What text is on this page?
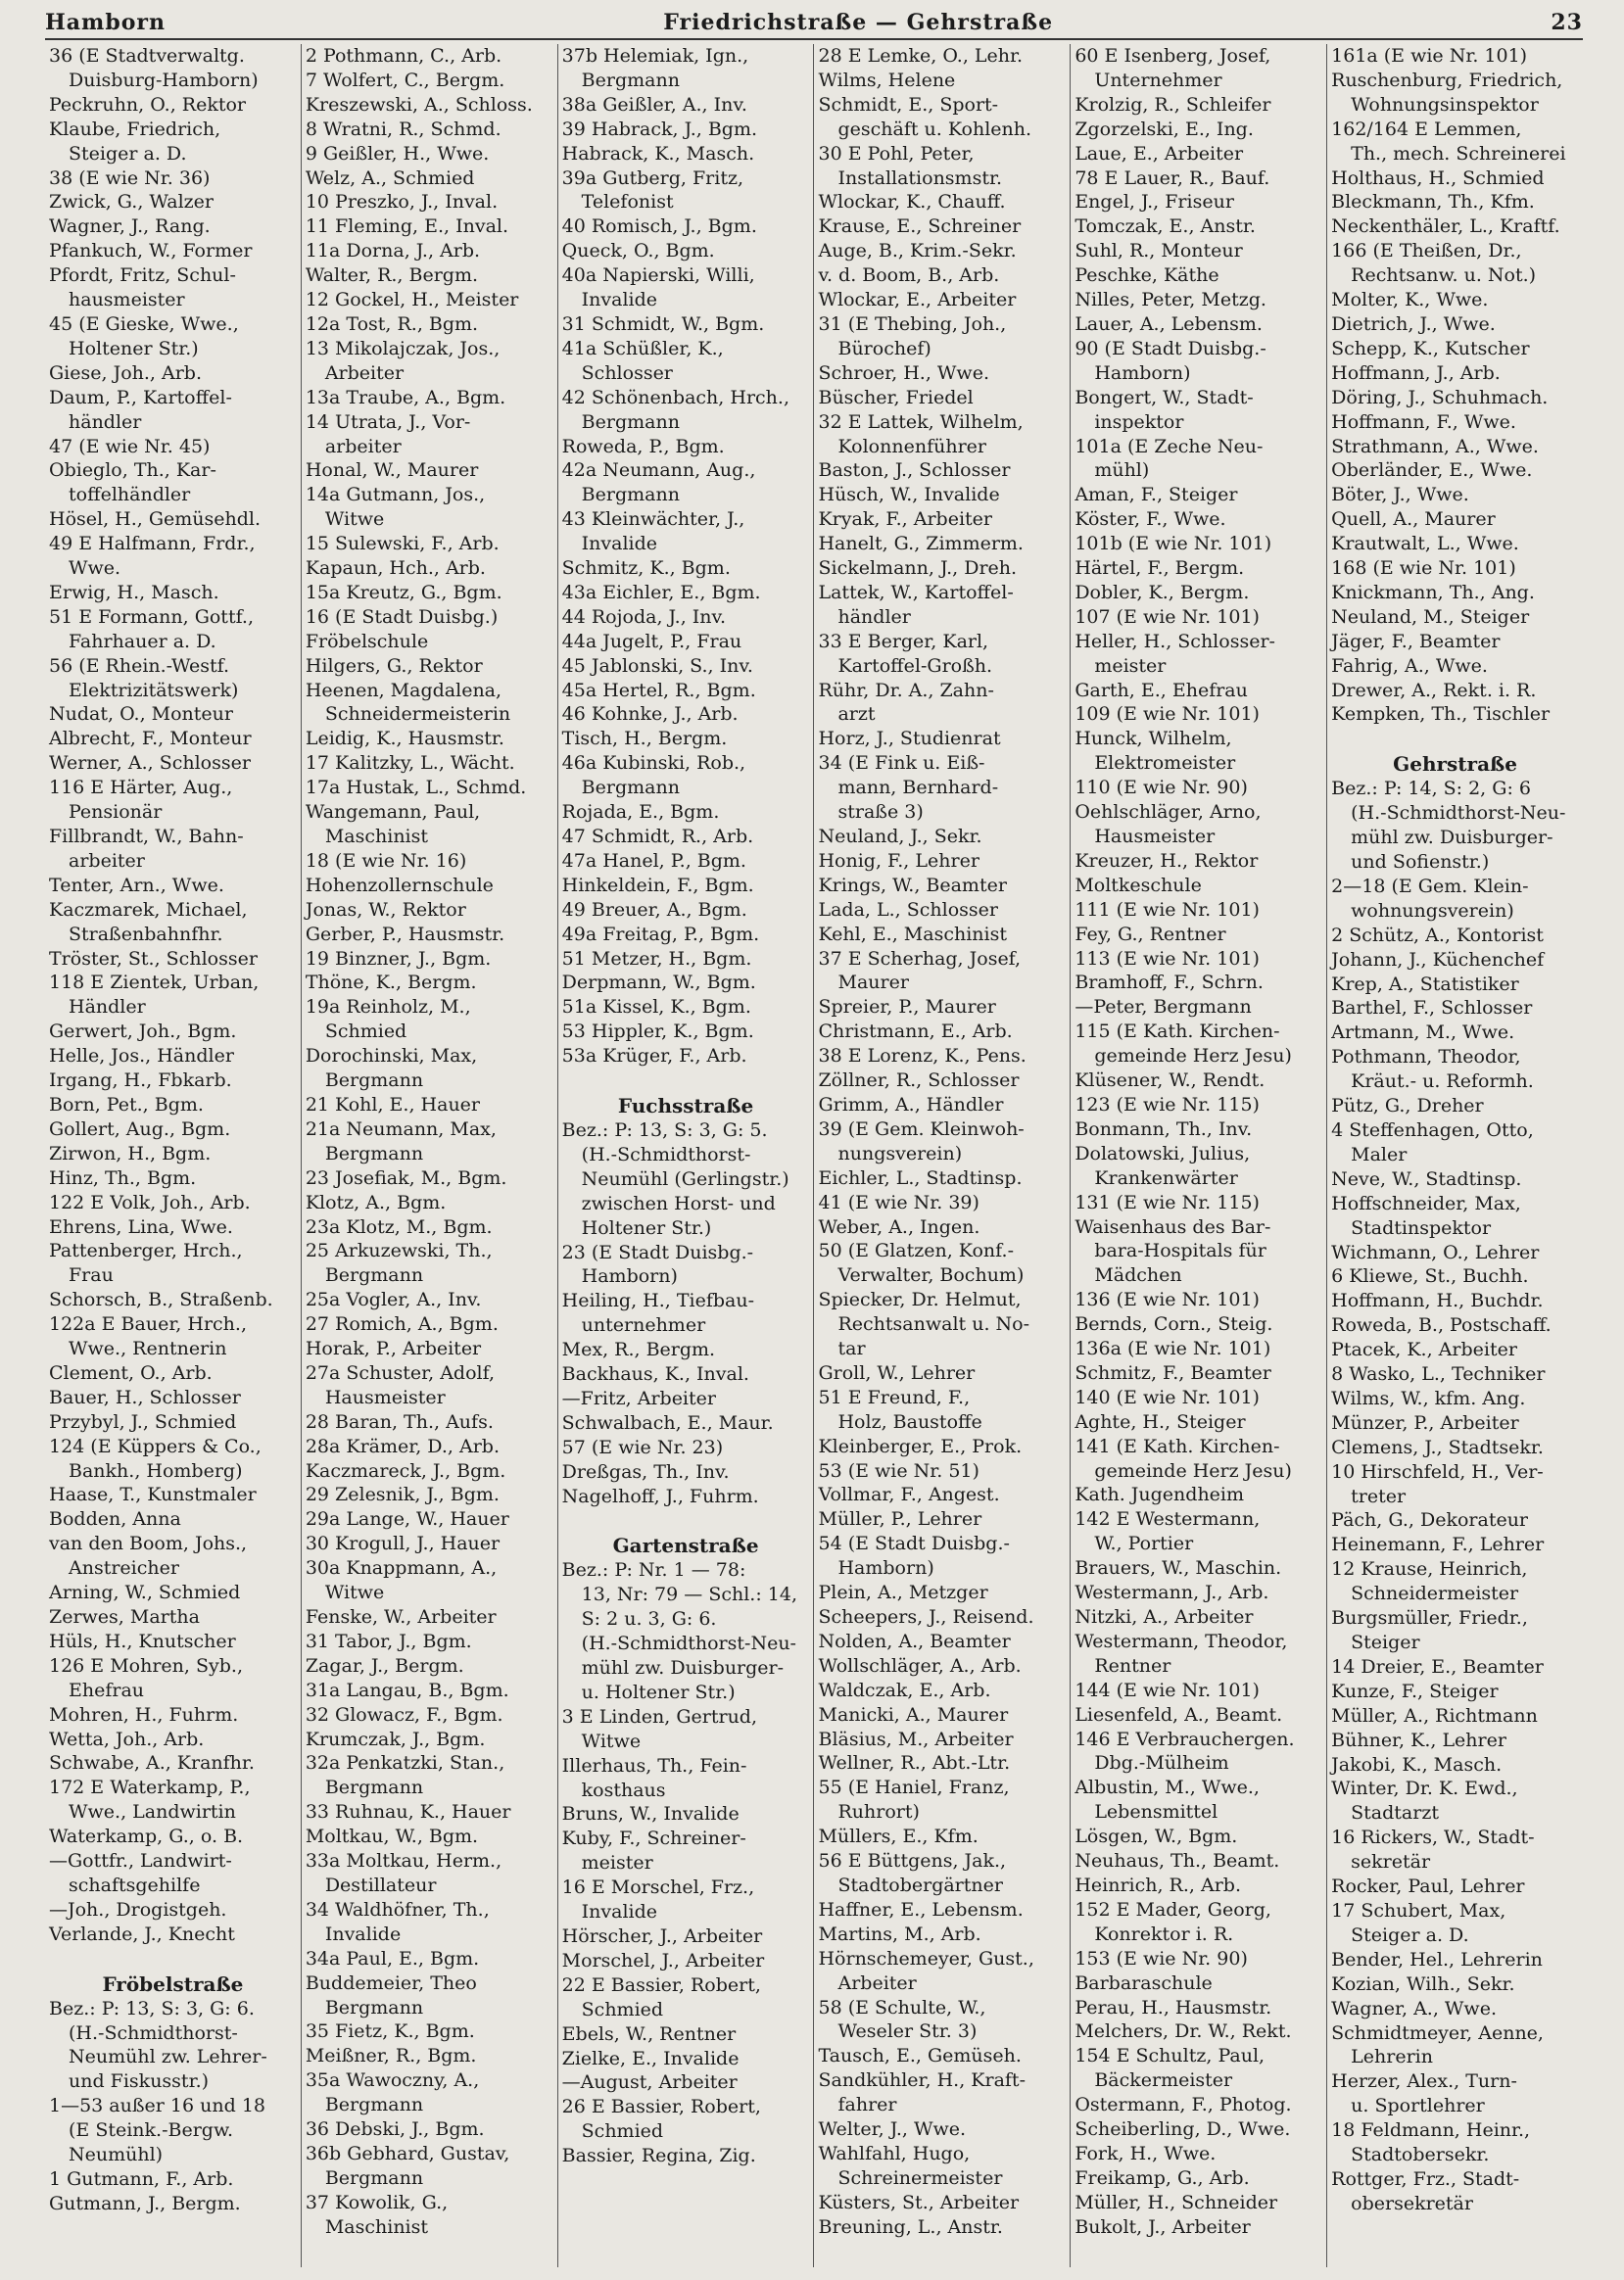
Hamborn	Friedrichstraße — Gehrstraße	23
36 (E Stadtverwaltg.
Duisburg-Hamborn)
Peckruhn, O., Rektor
Klaube, Friedrich,
Steiger a. D.
38 (E wie Nr. 36)
Zwick, G., Walzer
Wagner, J., Rang.
Pfankuch, W., Former
Pfordt, Fritz, Schul-
hausmeister
45 (E Gieske, Wwe.,
Holtener Str.)
Giese, Joh., Arb.
Daum, P., Kartoffel-
händler
47 (E wie Nr. 45)
Obieglo, Th., Kar-
toffelhändler
Hösel, H., Gemüsehdl.
49 E Halfmann, Frdr.,
Wwe.
Erwig, H., Masch.
51 E Formann, Gottf.,
Fahrhauer a. D.
56 (E Rhein.-Westf.
Elektrizitätswerk)
Nudat, O., Monteur
Albrecht, F., Monteur
Werner, A., Schlosser
116 E Härter, Aug.,
Pensionär
Fillbrandt, W., Bahn-
arbeiter
Tenter, Arn., Wwe.
Kaczmarek, Michael,
Straßenbahnfhr.
Tröster, St., Schlosser
118 E Zientek, Urban,
Händler
Gerwert, Joh., Bgm.
Helle, Jos., Händler
Irgang, H., Fbkarb.
Born, Pet., Bgm.
Gollert, Aug., Bgm.
Zirwon, H., Bgm.
Hinz, Th., Bgm.
122 E Volk, Joh., Arb.
Ehrens, Lina, Wwe.
Pattenberger, Hrch.,
Frau
Schorsch, B., Straßenb.
122a E Bauer, Hrch.,
Wwe., Rentnerin
Clement, O., Arb.
Bauer, H., Schlosser
Przybyl, J., Schmied
124 (E Küppers & Co.,
Bankh., Homberg)
Haase, T., Kunstmaler
Bodden, Anna
van den Boom, Johs.,
Anstreicher
Arning, W., Schmied
Zerwes, Martha
Hüls, H., Knutscher
126 E Mohren, Syb.,
Ehefrau
Mohren, H., Fuhrm.
Wetta, Joh., Arb.
Schwabe, A., Kranfhr.
172 E Waterkamp, P.,
Wwe., Landwirtin
Waterkamp, G., o. B.
—Gottfr., Landwirt-
schaftsgehilfe
—Joh., Drogistgeh.
Verlande, J., Knecht
Fröbelstraße
Bez.: P: 13, S: 3, G: 6.
(H.-Schmidthorst-
Neumühl zw. Lehrer-
und Fiskusstr.)
1—53 außer 16 und 18
(E Steink.-Bergw.
Neumühl)
1 Gutmann, F., Arb.
Gutmann, J., Bergm.
2 Pothmann, C., Arb.
7 Wolfert, C., Bergm.
Kreszewski, A., Schloss.
8 Wratni, R., Schmd.
9 Geißler, H., Wwe.
Welz, A., Schmied
10 Preszko, J., Inval.
11 Fleming, E., Inval.
11a Dorna, J., Arb.
Walter, R., Bergm.
12 Gockel, H., Meister
12a Tost, R., Bgm.
13 Mikolajczak, Jos.,
Arbeiter
13a Traube, A., Bgm.
14 Utrata, J., Vor-
arbeiter
Honal, W., Maurer
14a Gutmann, Jos.,
Witwe
15 Sulewski, F., Arb.
Kapaun, Hch., Arb.
15a Kreutz, G., Bgm.
16 (E Stadt Duisbg.)
Fröbelschule
Hilgers, G., Rektor
Heenen, Magdalena,
Schneidermeisterin
Leidig, K., Hausmstr.
17 Kalitzky, L., Wächt.
17a Hustak, L., Schmd.
Wangemann, Paul,
Maschinist
18 (E wie Nr. 16)
Hohenzollernschule
Jonas, W., Rektor
Gerber, P., Hausmstr.
19 Binzner, J., Bgm.
Thöne, K., Bergm.
19a Reinholz, M.,
Schmied
Dorochinski, Max,
Bergmann
21 Kohl, E., Hauer
21a Neumann, Max,
Bergmann
23 Josefiak, M., Bgm.
Klotz, A., Bgm.
23a Klotz, M., Bgm.
25 Arkuzewski, Th.,
Bergmann
25a Vogler, A., Inv.
27 Romich, A., Bgm.
Horak, P., Arbeiter
27a Schuster, Adolf,
Hausmeister
28 Baran, Th., Aufs.
28a Krämer, D., Arb.
Kaczmareck, J., Bgm.
29 Zelesnik, J., Bgm.
29a Lange, W., Hauer
30 Krogull, J., Hauer
30a Knappmann, A.,
Witwe
Fenske, W., Arbeiter
31 Tabor, J., Bgm.
Zagar, J., Bergm.
31a Langau, B., Bgm.
32 Glowacz, F., Bgm.
Krumczak, J., Bgm.
32a Penkatzki, Stan.,
Bergmann
33 Ruhnau, K., Hauer
Moltkau, W., Bgm.
33a Moltkau, Herm.,
Destillateur
34 Waldhöfner, Th.,
Invalide
34a Paul, E., Bgm.
Buddemeier, Theo
Bergmann
35 Fietz, K., Bgm.
Meißner, R., Bgm.
35a Wawoczny, A.,
Bergmann
36 Debski, J., Bgm.
36b Gebhard, Gustav,
Bergmann
37 Kowolik, G.,
Maschinist
37b Helemiak, Ign.,
Bergmann
38a Geißler, A., Inv.
39 Habrack, J., Bgm.
Habrack, K., Masch.
39a Gutberg, Fritz,
Telefonist
40 Romisch, J., Bgm.
Queck, O., Bgm.
40a Napierski, Willi,
Invalide
31 Schmidt, W., Bgm.
41a Schüßler, K.,
Schlosser
42 Schönenbach, Hrch.,
Bergmann
Roweda, P., Bgm.
42a Neumann, Aug.,
Bergmann
43 Kleinwächter, J.,
Invalide
Schmitz, K., Bgm.
43a Eichler, E., Bgm.
44 Rojoda, J., Inv.
44a Jugelt, P., Frau
45 Jablonski, S., Inv.
45a Hertel, R., Bgm.
46 Kohnke, J., Arb.
Tisch, H., Bergm.
46a Kubinski, Rob.,
Bergmann
Rojada, E., Bgm.
47 Schmidt, R., Arb.
47a Hanel, P., Bgm.
Hinkeldein, F., Bgm.
49 Breuer, A., Bgm.
49a Freitag, P., Bgm.
51 Metzer, H., Bgm.
Derpmann, W., Bgm.
51a Kissel, K., Bgm.
53 Hippler, K., Bgm.
53a Krüger, F., Arb.
Fuchsstraße
Bez.: P: 13, S: 3, G: 5.
(H.-Schmidthorst-
Neumühl (Gerlingstr.)
zwischen Horst- und
Holtener Str.)
23 (E Stadt Duisbg.-
Hamborn)
Heiling, H., Tiefbau-
unternehmer
Mex, R., Bergm.
Backhaus, K., Inval.
—Fritz, Arbeiter
Schwalbach, E., Maur.
57 (E wie Nr. 23)
Dreßgas, Th., Inv.
Nagelhoff, J., Fuhrm.
Gartenstraße
Bez.: P: Nr. 1 — 78:
13, Nr: 79 — Schl.: 14,
S: 2 u. 3, G: 6.
(H.-Schmidthorst-Neu-
mühl zw. Duisburger-
u. Holtener Str.)
3 E Linden, Gertrud,
Witwe
Illerhaus, Th., Fein-
kosthaus
Bruns, W., Invalide
Kuby, F., Schreiner-
meister
16 E Morschel, Frz.,
Invalide
Hörscher, J., Arbeiter
Morschel, J., Arbeiter
22 E Bassier, Robert,
Schmied
Ebels, W., Rentner
Zielke, E., Invalide
—August, Arbeiter
26 E Bassier, Robert,
Schmied
Bassier, Regina, Zig.
28 E Lemke, O., Lehr.
Wilms, Helene
Schmidt, E., Sport-
geschäft u. Kohlenh.
30 E Pohl, Peter,
Installationsmstr.
Wlockar, K., Chauff.
Krause, E., Schreiner
Auge, B., Krim.-Sekr.
v. d. Boom, B., Arb.
Wlockar, E., Arbeiter
31 (E Thebing, Joh.,
Bürochef)
Schroer, H., Wwe.
Büscher, Friedel
32 E Lattek, Wilhelm,
Kolonnenführer
Baston, J., Schlosser
Hüsch, W., Invalide
Kryak, F., Arbeiter
Hanelt, G., Zimmerm.
Sickelmann, J., Dreh.
Lattek, W., Kartoffel-
händler
33 E Berger, Karl,
Kartoffel-Großh.
Rühr, Dr. A., Zahn-
arzt
Horz, J., Studienrat
34 (E Fink u. Eiß-
mann, Bernhard-
straße 3)
Neuland, J., Sekr.
Honig, F., Lehrer
Krings, W., Beamter
Lada, L., Schlosser
Kehl, E., Maschinist
37 E Scherhag, Josef,
Maurer
Spreier, P., Maurer
Christmann, E., Arb.
38 E Lorenz, K., Pens.
Zöllner, R., Schlosser
Grimm, A., Händler
39 (E Gem. Kleinwoh-
nungsverein)
Eichler, L., Stadtinsp.
41 (E wie Nr. 39)
Weber, A., Ingen.
50 (E Glatzen, Konf.-
Verwalter, Bochum)
Spiecker, Dr. Helmut,
Rechtsanwalt u. No-
tar
Groll, W., Lehrer
51 E Freund, F.,
Holz, Baustoffe
Kleinberger, E., Prok.
53 (E wie Nr. 51)
Vollmar, F., Angest.
Müller, P., Lehrer
54 (E Stadt Duisbg.-
Hamborn)
Plein, A., Metzger
Scheepers, J., Reisend.
Nolden, A., Beamter
Wollschläger, A., Arb.
Waldczak, E., Arb.
Manicki, A., Maurer
Bläsius, M., Arbeiter
Wellner, R., Abt.-Ltr.
55 (E Haniel, Franz,
Ruhrort)
Müllers, E., Kfm.
56 E Büttgens, Jak.,
Stadtobergärtner
Haffner, E., Lebensm.
Martins, M., Arb.
Hörnschemeyer, Gust.,
Arbeiter
58 (E Schulte, W.,
Weseler Str. 3)
Tausch, E., Gemüseh.
Sandkühler, H., Kraft-
fahrer
Welter, J., Wwe.
Wahlfahl, Hugo,
Schreinermeister
Küsters, St., Arbeiter
Breuning, L., Anstr.
60 E Isenberg, Josef,
Unternehmer
Krolzig, R., Schleifer
Zgorzelski, E., Ing.
Laue, E., Arbeiter
78 E Lauer, R., Bauf.
Engel, J., Friseur
Tomczak, E., Anstr.
Suhl, R., Monteur
Peschke, Käthe
Nilles, Peter, Metzg.
Lauer, A., Lebensm.
90 (E Stadt Duisbg.-
Hamborn)
Bongert, W., Stadt-
inspektor
101a (E Zeche Neu-
mühl)
Aman, F., Steiger
Köster, F., Wwe.
101b (E wie Nr. 101)
Härtel, F., Bergm.
Dobler, K., Bergm.
107 (E wie Nr. 101)
Heller, H., Schlosser-
meister
Garth, E., Ehefrau
109 (E wie Nr. 101)
Hunck, Wilhelm,
Elektromeister
110 (E wie Nr. 90)
Oehlschläger, Arno,
Hausmeister
Kreuzer, H., Rektor
Moltkeschule
111 (E wie Nr. 101)
Fey, G., Rentner
113 (E wie Nr. 101)
Bramhoff, F., Schrn.
—Peter, Bergmann
115 (E Kath. Kirchen-
gemeinde Herz Jesu)
Klüsener, W., Rendt.
123 (E wie Nr. 115)
Bonmann, Th., Inv.
Dolatowski, Julius,
Krankenwärter
131 (E wie Nr. 115)
Waisenhaus des Bar-
bara-Hospitals für
Mädchen
136 (E wie Nr. 101)
Bernds, Corn., Steig.
136a (E wie Nr. 101)
Schmitz, F., Beamter
140 (E wie Nr. 101)
Aghte, H., Steiger
141 (E Kath. Kirchen-
gemeinde Herz Jesu)
Kath. Jugendheim
142 E Westermann,
W., Portier
Brauers, W., Maschin.
Westermann, J., Arb.
Nitzki, A., Arbeiter
Westermann, Theodor,
Rentner
144 (E wie Nr. 101)
Liesenfeld, A., Beamt.
146 E Verbrauchergen.
Dbg.-Mülheim
Albustin, M., Wwe.,
Lebensmittel
Lösgen, W., Bgm.
Neuhaus, Th., Beamt.
Heinrich, R., Arb.
152 E Mader, Georg,
Konrektor i. R.
153 (E wie Nr. 90)
Barbaraschule
Perau, H., Hausmstr.
Melchers, Dr. W., Rekt.
154 E Schultz, Paul,
Bäckermeister
Ostermann, F., Photog.
Scheiberling, D., Wwe.
Fork, H., Wwe.
Freikamp, G., Arb.
Müller, H., Schneider
Bukolt, J., Arbeiter
161a (E wie Nr. 101)
Ruschenburg, Friedrich,
Wohnungsinspektor
162/164 E Lemmen,
Th., mech. Schreinerei
Holthaus, H., Schmied
Bleckmann, Th., Kfm.
Neckenthäler, L., Kraftf.
166 (E Theißen, Dr.,
Rechtsanw. u. Not.)
Molter, K., Wwe.
Dietrich, J., Wwe.
Schepp, K., Kutscher
Hoffmann, J., Arb.
Döring, J., Schuhmach.
Hoffmann, F., Wwe.
Strathmann, A., Wwe.
Oberländer, E., Wwe.
Böter, J., Wwe.
Quell, A., Maurer
Krautwalt, L., Wwe.
168 (E wie Nr. 101)
Knickmann, Th., Ang.
Neuland, M., Steiger
Jäger, F., Beamter
Fahrig, A., Wwe.
Drewer, A., Rekt. i. R.
Kempken, Th., Tischler
Gehrstraße
Bez.: P: 14, S: 2, G: 6
(H.-Schmidthorst-Neu-
mühl zw. Duisburger-
und Sofienstr.)
2—18 (E Gem. Klein-
wohnungsverein)
2 Schütz, A., Kontorist
Johann, J., Küchenchef
Krep, A., Statistiker
Barthel, F., Schlosser
Artmann, M., Wwe.
Pothmann, Theodor,
Kräut.- u. Reformh.
Pütz, G., Dreher
4 Steffenhagen, Otto,
Maler
Neve, W., Stadtinsp.
Hoffschneider, Max,
Stadtinspektor
Wichmann, O., Lehrer
6 Kliewe, St., Buchh.
Hoffmann, H., Buchdr.
Roweda, B., Postschaff.
Ptacek, K., Arbeiter
8 Wasko, L., Techniker
Wilms, W., kfm. Ang.
Münzer, P., Arbeiter
Clemens, J., Stadtsekr.
10 Hirschfeld, H., Ver-
treter
Päch, G., Dekorateur
Heinemann, F., Lehrer
12 Krause, Heinrich,
Schneidermeister
Burgsmüller, Friedr.,
Steiger
14 Dreier, E., Beamter
Kunze, F., Steiger
Müller, A., Richtmann
Bühner, K., Lehrer
Jakobi, K., Masch.
Winter, Dr. K. Ewd.,
Stadtarzt
16 Rickers, W., Stadt-
sekretär
Rocker, Paul, Lehrer
17 Schubert, Max,
Steiger a. D.
Bender, Hel., Lehrerin
Kozian, Wilh., Sekr.
Wagner, A., Wwe.
Schmidtmeyer, Aenne,
Lehrerin
Herzer, Alex., Turn-
u. Sportlehrer
18 Feldmann, Heinr.,
Stadtobersekr.
Rottger, Frz., Stadt-
obersekretär
